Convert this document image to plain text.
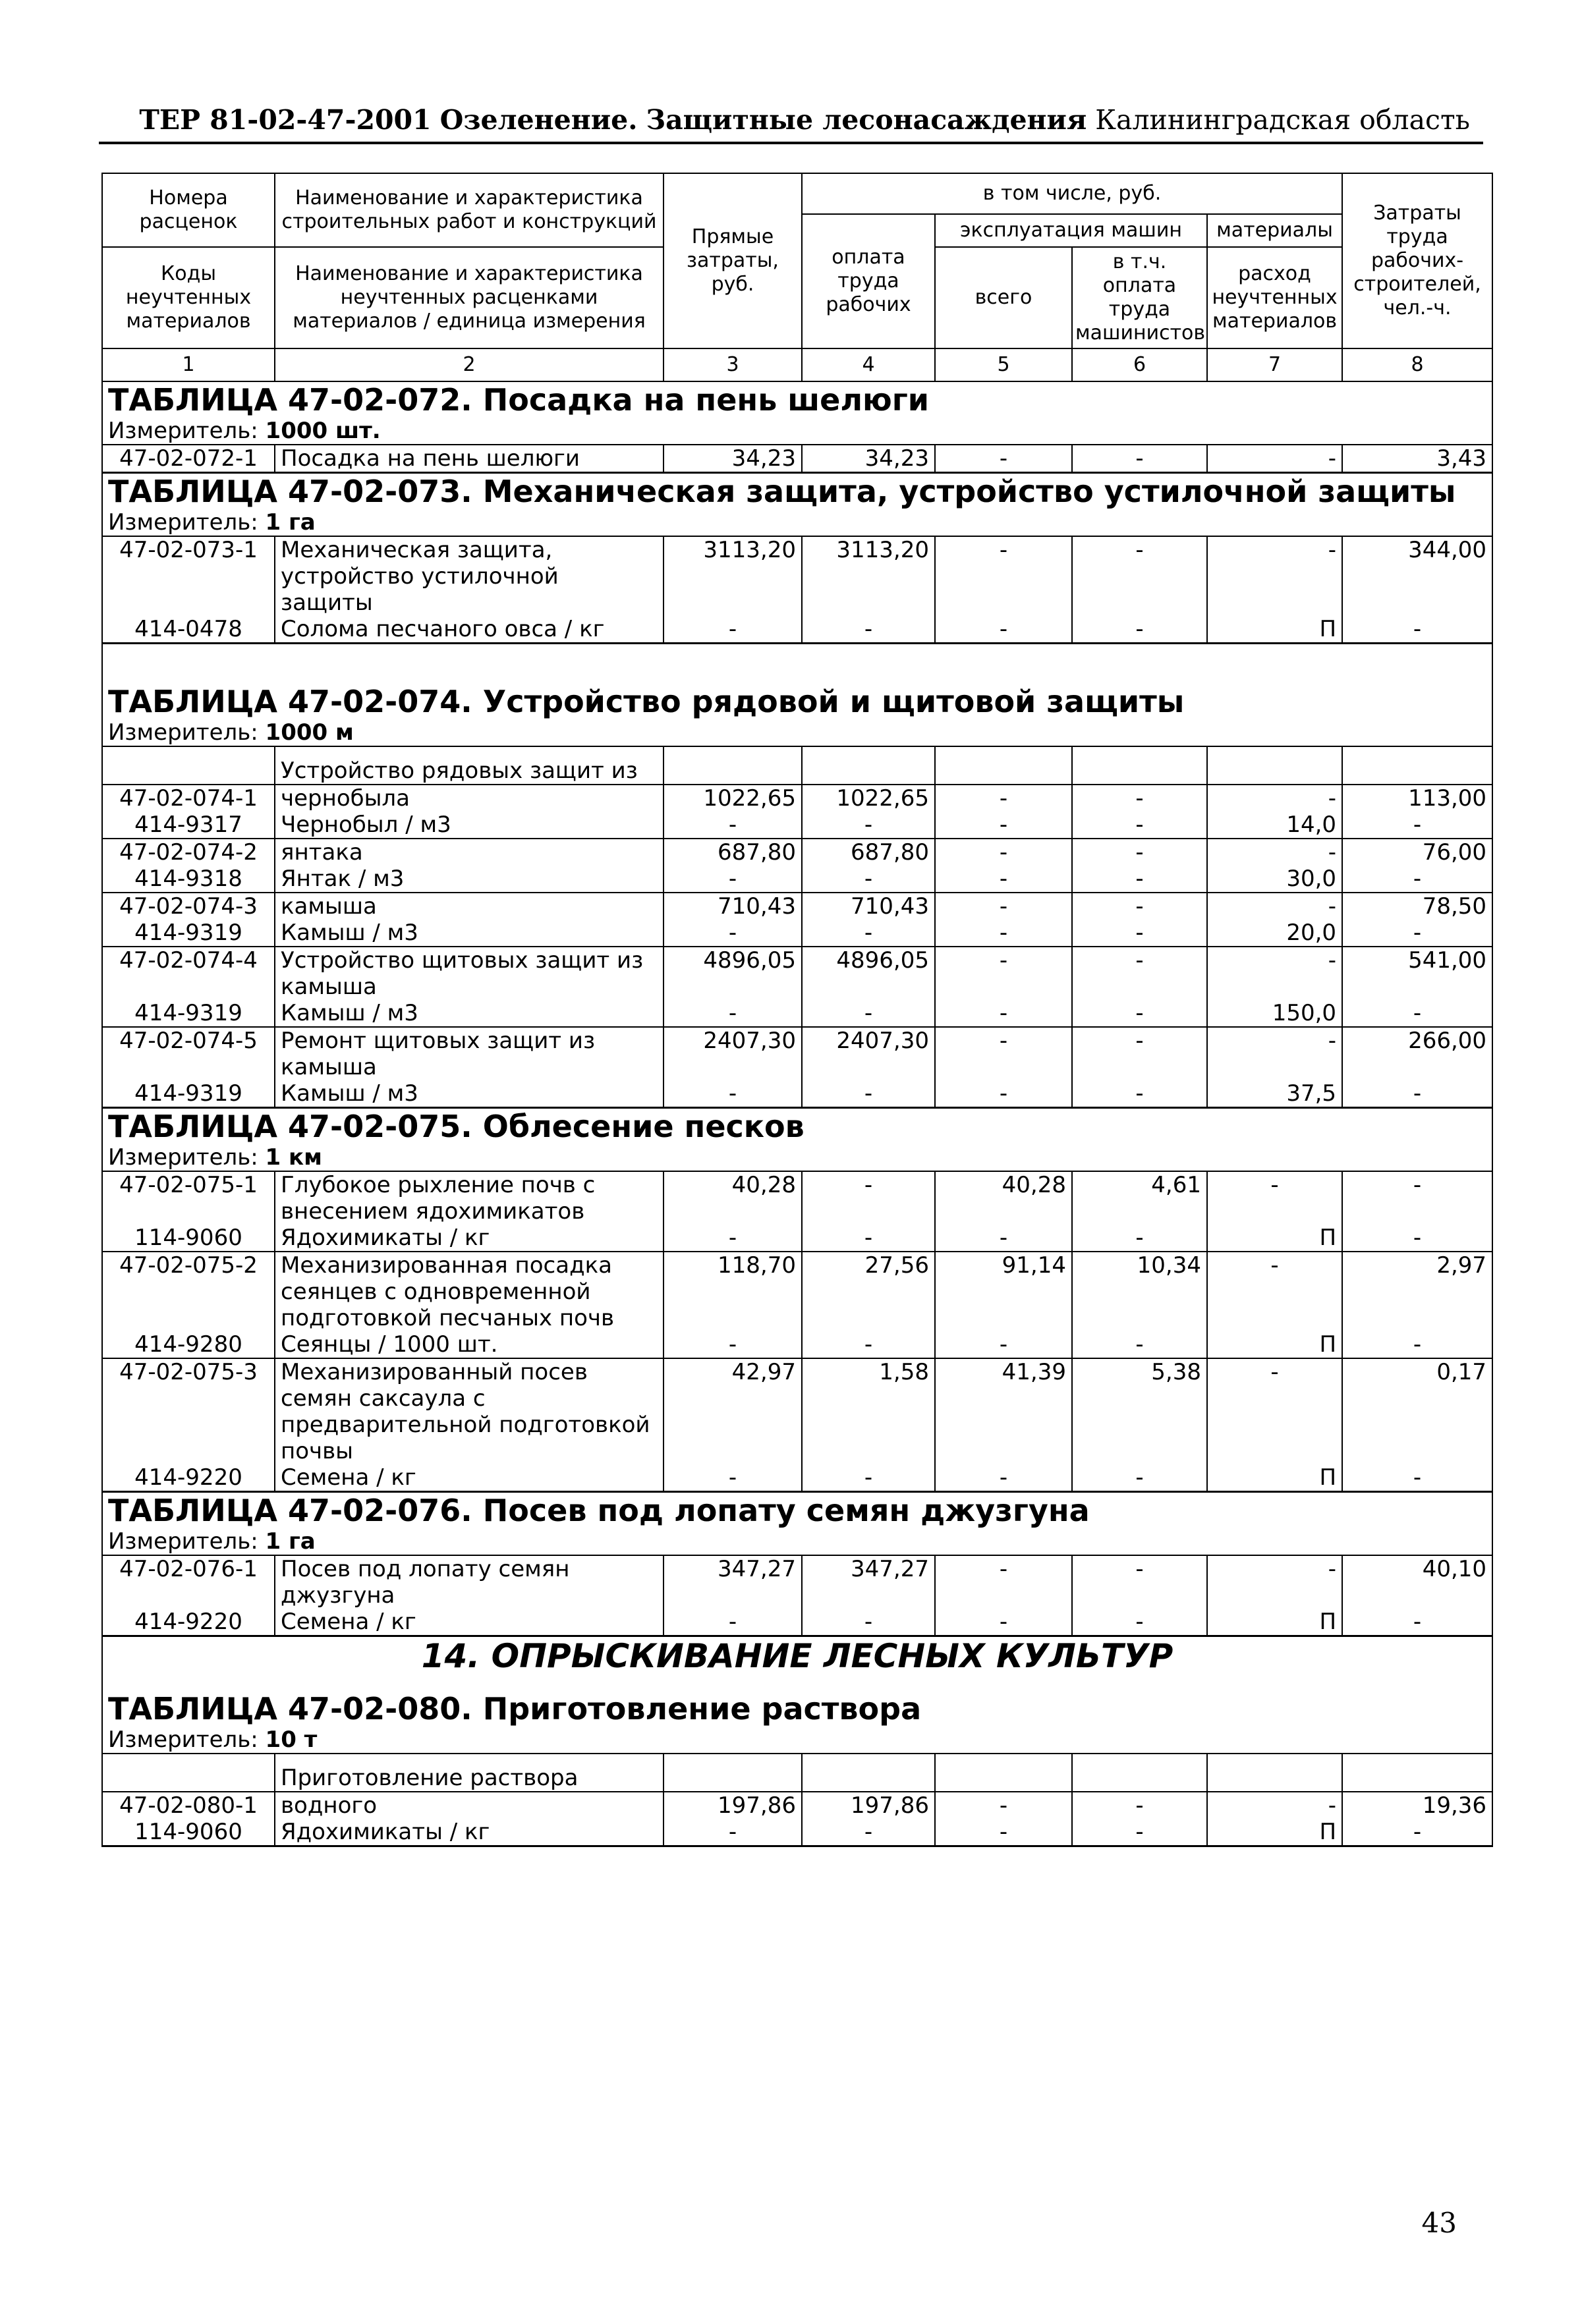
ТЕР 81-02-47-2001 Озеленение. Защитные лесонасаждения Калининградская область
Номера расценок	Наименование и характеристика строительных работ и конструкций	Прямые затраты, руб.	в том числе, руб.				Затраты труда рабочих-строителей, чел.-ч.
			оплата труда рабочих	эксплуатация машин		материалы	
Коды неучтенных материалов	Наименование и характеристика неучтенных расценками материалов / единица измерения			всего	в т.ч. оплата труда машинистов	расход неучтенных материалов	

1	2	3	4	5	6	7	8
ТАБЛИЦА 47-02-072. Посадка на пень шелюги							
Измеритель: 1000 шт.							
47-02-072-1	Посадка на пень шелюги	34,23	34,23	-	-	-	3,43
ТАБЛИЦА 47-02-073. Механическая защита, устройство устилочной защиты							
Измеритель: 1 га							
47-02-073-1	Механическая защита, устройство устилочной защиты	3113,20	3113,20	-	-	-	344,00
414-0478	Солома песчаного овса / кг	-	-	-	-	П	-
ТАБЛИЦА 47-02-074. Устройство рядовой и щитовой защиты							
Измеритель: 1000 м							
	Устройство рядовых защит из						
47-02-074-1	чернобыла	1022,65	1022,65	-	-	-	113,00
414-9317	Чернобыл / м3	-	-	-	-	14,0	-
47-02-074-2	янтака	687,80	687,80	-	-	-	76,00
414-9318	Янтак / м3	-	-	-	-	30,0	-
47-02-074-3	камыша	710,43	710,43	-	-	-	78,50
414-9319	Камыш / м3	-	-	-	-	20,0	-
47-02-074-4	Устройство щитовых защит из камыша	4896,05	4896,05	-	-	-	541,00
414-9319	Камыш / м3	-	-	-	-	150,0	-
47-02-074-5	Ремонт щитовых защит из камыша	2407,30	2407,30	-	-	-	266,00
414-9319	Камыш / м3	-	-	-	-	37,5	-
ТАБЛИЦА 47-02-075. Облесение песков							
Измеритель: 1 км							
47-02-075-1	Глубокое рыхление почв с внесением ядохимикатов	40,28	-	40,28	4,61	-	-
114-9060	Ядохимикаты / кг	-	-	-	-	П	-
47-02-075-2	Механизированная посадка сеянцев с одновременной подготовкой песчаных почв	118,70	27,56	91,14	10,34	-	2,97
414-9280	Сеянцы / 1000 шт.	-	-	-	-	П	-
47-02-075-3	Механизированный посев семян саксаула с предварительной подготовкой почвы	42,97	1,58	41,39	5,38	-	0,17
414-9220	Семена / кг	-	-	-	-	П	-
ТАБЛИЦА 47-02-076. Посев под лопату семян джузгуна							
Измеритель: 1 га							
47-02-076-1	Посев под лопату семян джузгуна	347,27	347,27	-	-	-	40,10
414-9220	Семена / кг	-	-	-	-	П	-
14. ОПРЫСКИВАНИЕ ЛЕСНЫХ КУЛЬТУР							
ТАБЛИЦА 47-02-080. Приготовление раствора							
Измеритель: 10 т							
	Приготовление раствора						
47-02-080-1	водного	197,86	197,86	-	-	-	19,36
114-9060	Ядохимикаты / кг	-	-	-	-	П	-
43
